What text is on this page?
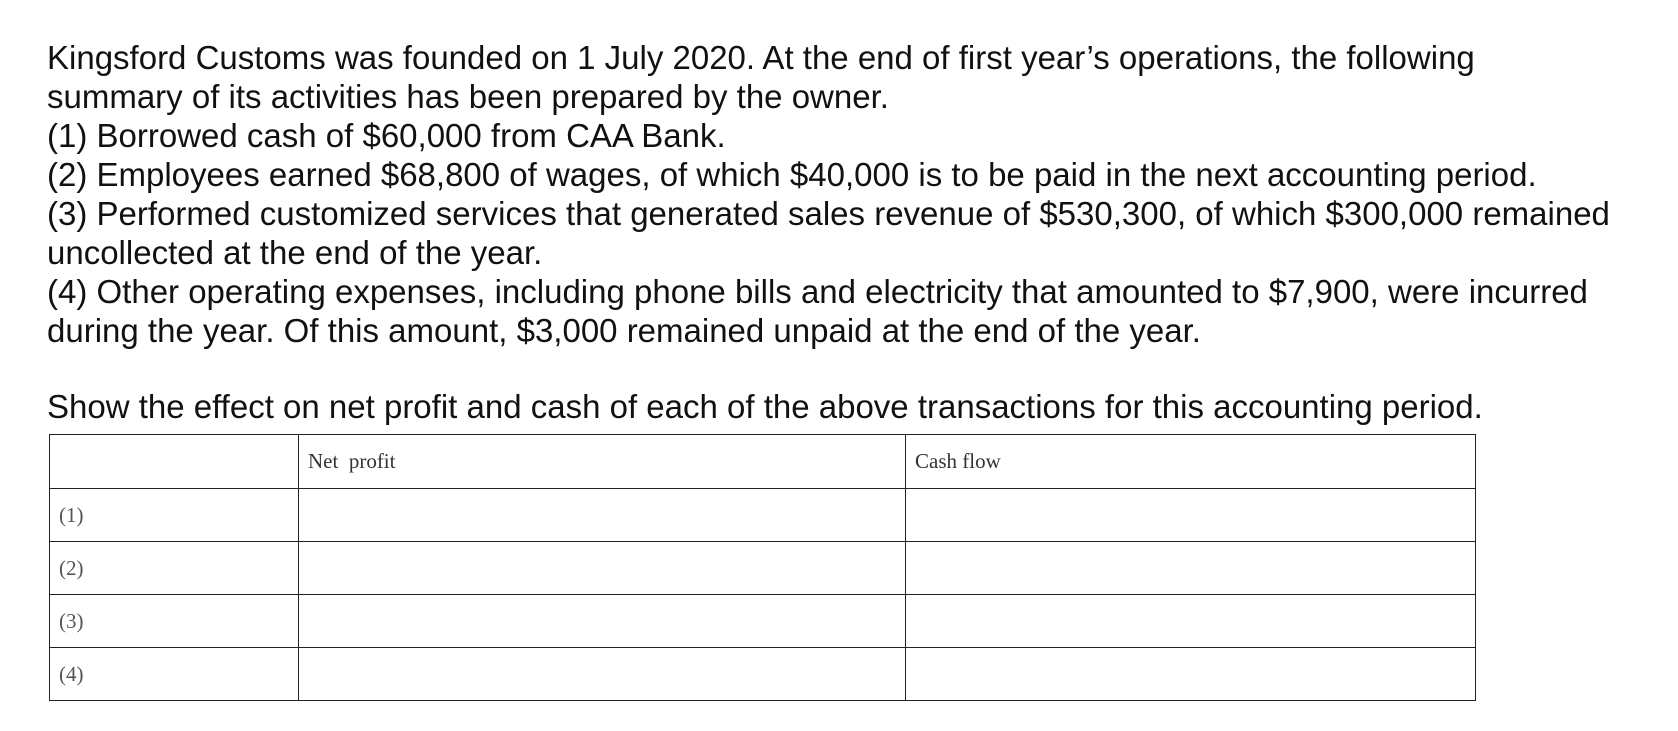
Kingsford Customs was founded on 1 July 2020. At the end of first year’s operations, the following
summary of its activities has been prepared by the owner.
(1) Borrowed cash of $60,000 from CAA Bank.
(2) Employees earned $68,800 of wages, of which $40,000 is to be paid in the next accounting period.
(3) Performed customized services that generated sales revenue of $530,300, of which $300,000 remained
uncollected at the end of the year.
(4) Other operating expenses, including phone bills and electricity that amounted to $7,900, were incurred
during the year. Of this amount, $3,000 remained unpaid at the end of the year.

Show the effect on net profit and cash of each of the above transactions for this accounting period.

	Net  profit	Cash flow
(1)		
(2)		
(3)		
(4)		
